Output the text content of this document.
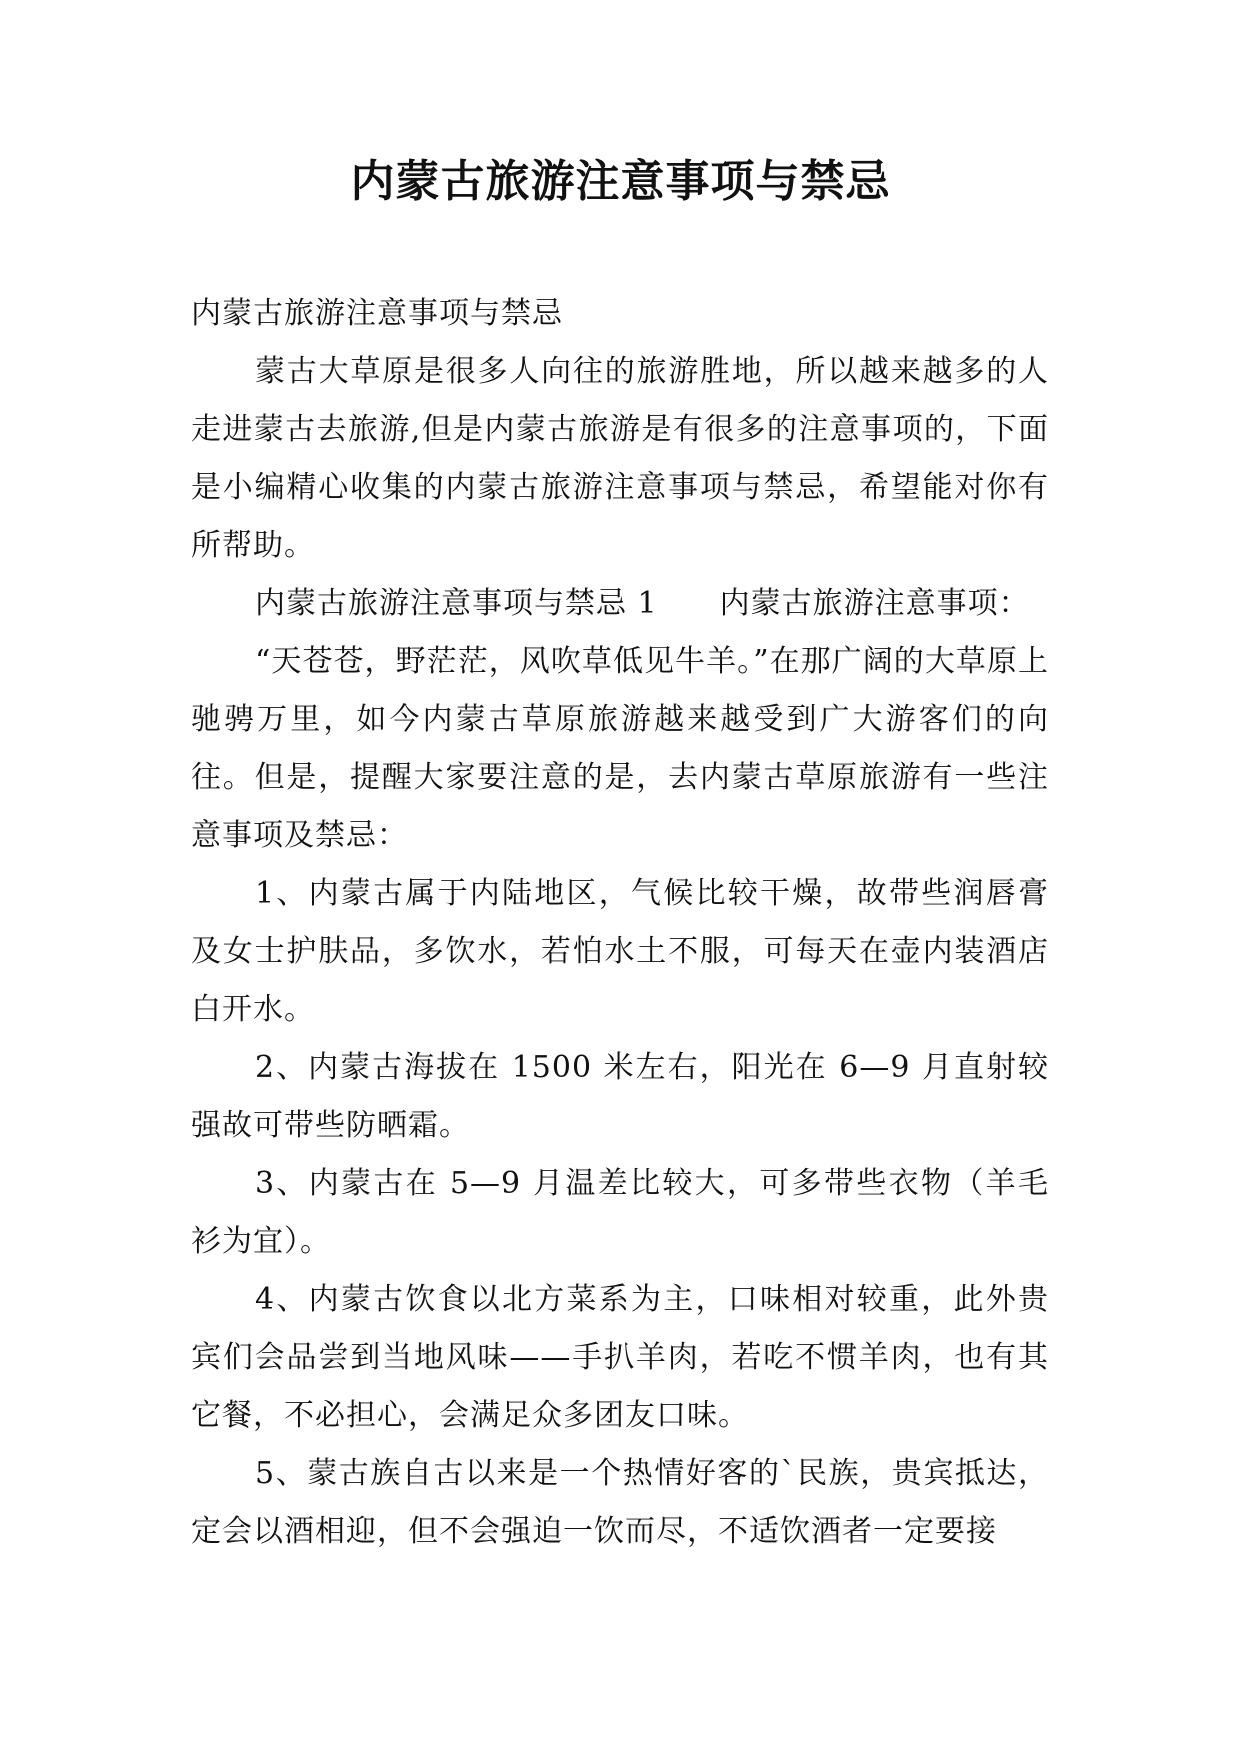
内蒙古旅游注意事项与禁忌

内蒙古旅游注意事项与禁忌

蒙古大草原是很多人向往的旅游胜地，所以越来越多的人走进蒙古去旅游,但是内蒙古旅游是有很多的注意事项的，下面是小编精心收集的内蒙古旅游注意事项与禁忌，希望能对你有所帮助。

内蒙古旅游注意事项与禁忌 1　　内蒙古旅游注意事项：

“天苍苍，野茫茫，风吹草低见牛羊。”在那广阔的大草原上驰骋万里，如今内蒙古草原旅游越来越受到广大游客们的向往。但是，提醒大家要注意的是，去内蒙古草原旅游有一些注意事项及禁忌：

1、内蒙古属于内陆地区，气候比较干燥，故带些润唇膏及女士护肤品，多饮水，若怕水土不服，可每天在壶内装酒店白开水。

2、内蒙古海拔在 1500 米左右，阳光在 6—9 月直射较强故可带些防晒霜。

3、内蒙古在 5—9 月温差比较大，可多带些衣物（羊毛衫为宜）。

4、内蒙古饮食以北方菜系为主，口味相对较重，此外贵宾们会品尝到当地风味——手扒羊肉，若吃不惯羊肉，也有其它餐，不必担心，会满足众多团友口味。

5、蒙古族自古以来是一个热情好客的`民族，贵宾抵达，定会以酒相迎，但不会强迫一饮而尽，不适饮酒者一定要接
